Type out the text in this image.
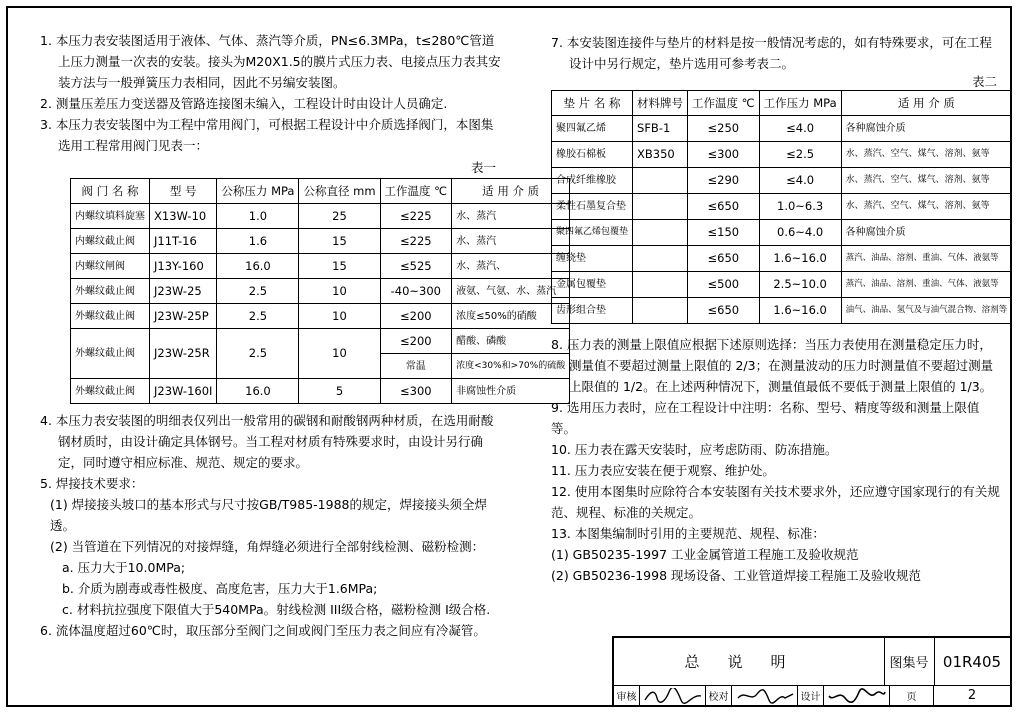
1. 本压力表安装图适用于液体、气体、蒸汽等介质，PN≤6.3MPa，t≤280℃管道上压力测量一次表的安装。接头为M20X1.5的膜片式压力表、电接点压力表其安装方法与一般弹簧压力表相同，因此不另编安装图。

2. 测量压差压力变送器及管路连接图未编入，工程设计时由设计人员确定.

3. 本压力表安装图中为工程中常用阀门，可根据工程设计中介质选择阀门，本图集选用工程常用阀门见表一：

表一

阀 门 名 称	型 号	公称压力 MPa	公称直径 mm	工作温度 ℃	适 用 介 质
内螺纹填料旋塞	X13W-10	1.0	25	≤225	水、蒸汽
内螺纹截止阀	J11T-16	1.6	15	≤225	水、蒸汽
内螺纹闸阀	J13Y-160	16.0	15	≤525	水、蒸汽、
外螺纹截止阀	J23W-25	2.5	10	-40~300	液氨、气氨、水、蒸汽
外螺纹截止阀	J23W-25P	2.5	10	≤200	浓度≤50%的硝酸
外螺纹截止阀	J23W-25R	2.5	10	≤200	醋酸、磷酸
				常温	浓度<30%和>70%的硫酸
外螺纹截止阀	J23W-160I	16.0	5	≤300	非腐蚀性介质

4. 本压力表安装图的明细表仅列出一般常用的碳钢和耐酸钢两种材质，在选用耐酸钢材质时，由设计确定具体钢号。当工程对材质有特殊要求时，由设计另行确定，同时遵守相应标准、规范、规定的要求。

5. 焊接技术要求：

(1) 焊接接头坡口的基本形式与尺寸按GB/T985-1988的规定，焊接接头须全焊透。

(2) 当管道在下列情况的对接焊缝，角焊缝必须进行全部射线检测、磁粉检测：

a. 压力大于10.0MPa;

b. 介质为剧毒或毒性极度、高度危害，压力大于1.6MPa;

c. 材料抗拉强度下限值大于540MPa。射线检测 III级合格，磁粉检测 I级合格.

6. 流体温度超过60℃时，取压部分至阀门之间或阀门至压力表之间应有冷凝管。

7. 本安装图连接件与垫片的材料是按一般情况考虑的，如有特殊要求，可在工程设计中另行规定，垫片选用可参考表二。

表二

垫 片 名 称	材料牌号	工作温度 ℃	工作压力 MPa	适 用 介 质
聚四氟乙烯	SFB-1	≤250	≤4.0	各种腐蚀介质
橡胶石棉板	XB350	≤300	≤2.5	水、蒸汽、空气、煤气、溶剂、氨等
合成纤维橡胶		≤290	≤4.0	水、蒸汽、空气、煤气、溶剂、氨等
柔性石墨复合垫		≤650	1.0~6.3	水、蒸汽、空气、煤气、溶剂、氨等
聚四氟乙烯包覆垫		≤150	0.6~4.0	各种腐蚀介质
缠绕垫		≤650	1.6~16.0	蒸汽、油品、溶剂、重油、气体、液氨等
金属包覆垫		≤500	2.5~10.0	蒸汽、油品、溶剂、重油、气体、液氨等
齿形组合垫		≤650	1.6~16.0	油气、油品、氢气及与油气混合物、溶剂等

8. 压力表的测量上限值应根据下述原则选择：当压力表使用在测量稳定压力时，测量值不要超过测量上限值的 2/3；在测量波动的压力时测量值不要超过测量上限值的 1/2。在上述两种情况下，测量值最低不要低于测量上限值的 1/3。

9. 选用压力表时，应在工程设计中注明：名称、型号、精度等级和测量上限值等。

10. 压力表在露天安装时，应考虑防雨、防冻措施。

11. 压力表应安装在便于观察、维护处。

12. 使用本图集时应除符合本安装图有关技术要求外，还应遵守国家现行的有关规范、规程、标准的关规定。

13. 本图集编制时引用的主要规范、规程、标准：

(1) GB50235-1997 工业金属管道工程施工及验收规范

(2) GB50236-1998 现场设备、工业管道焊接工程施工及验收规范

总说明	图集号 01R405
审核	校对	设计	页	2
